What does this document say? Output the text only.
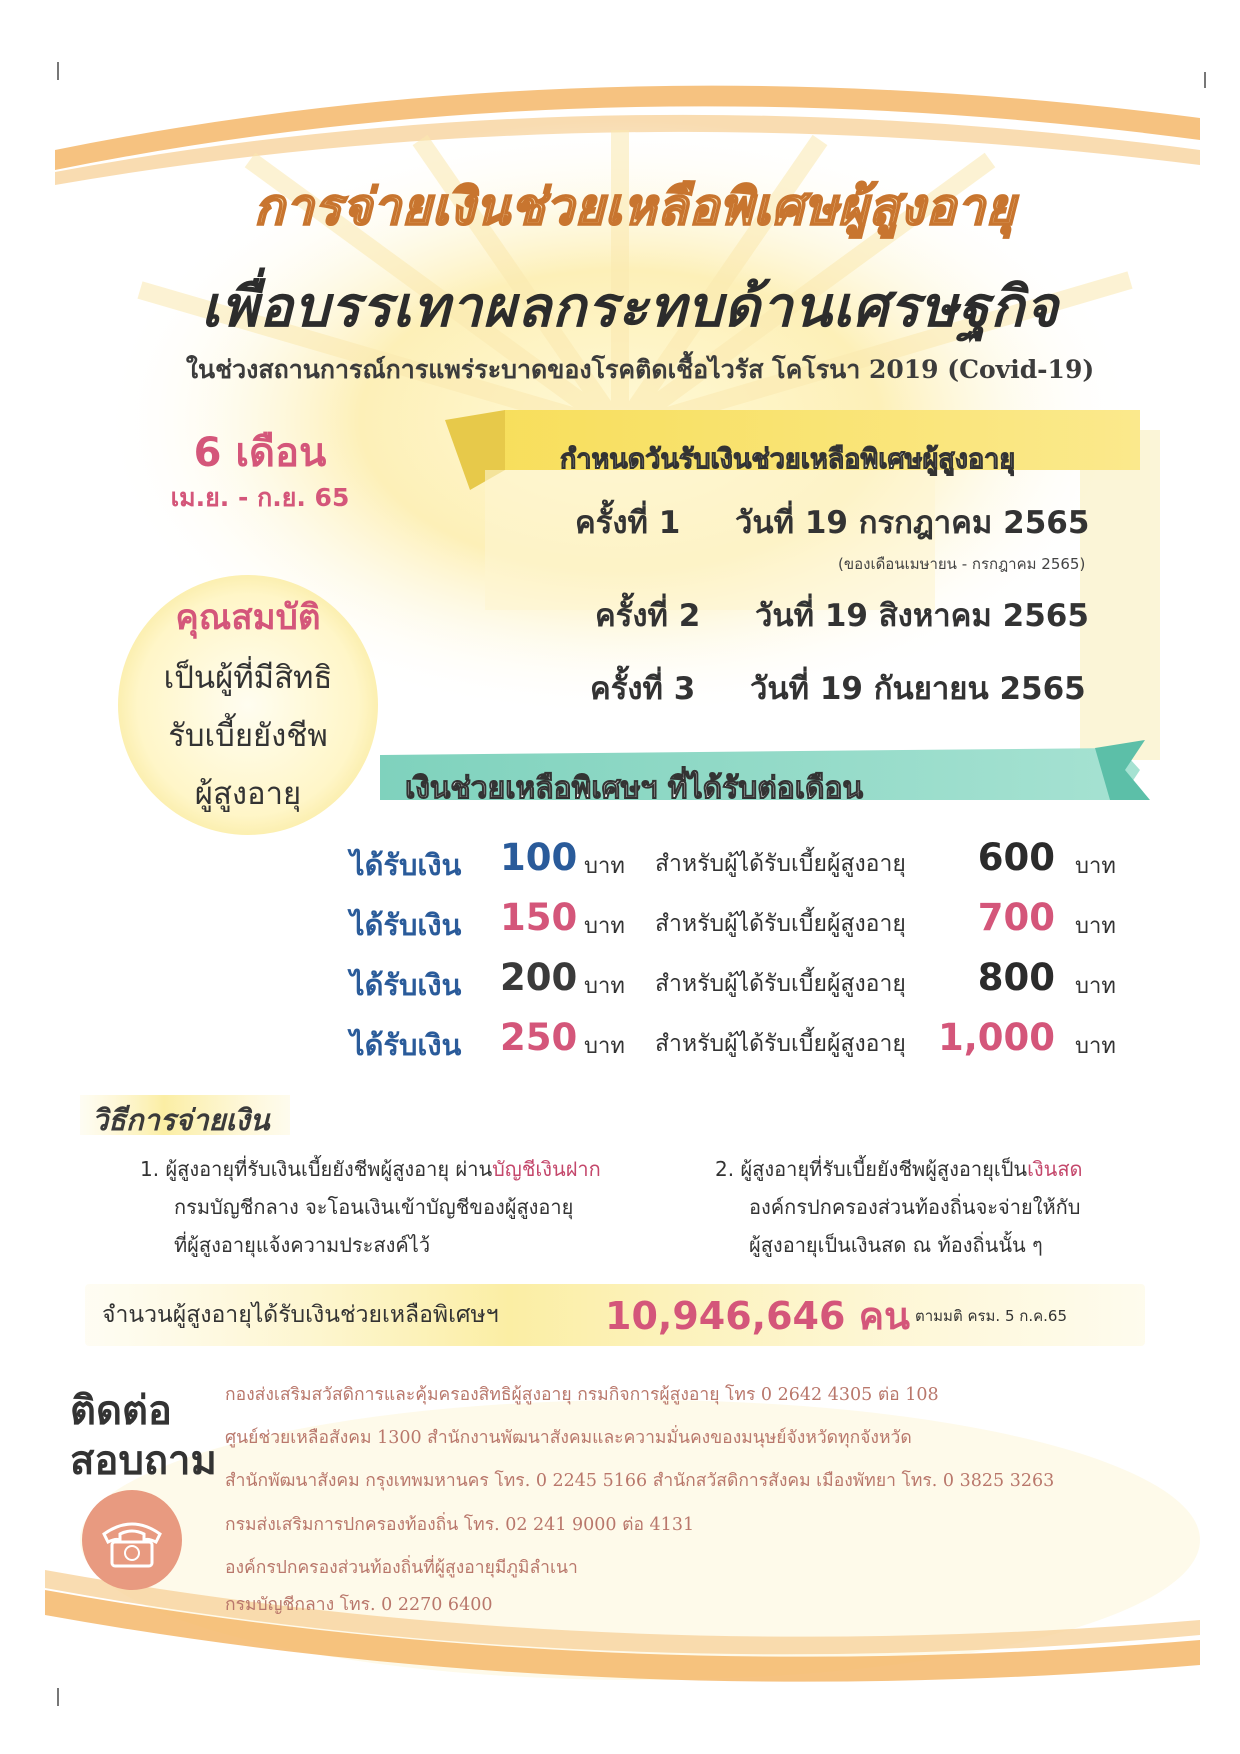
การจ่ายเงินช่วยเหลือพิเศษผู้สูงอายุ
เพื่อบรรเทาผลกระทบด้านเศรษฐกิจ
ในช่วงสถานการณ์การแพร่ระบาดของโรคติดเชื้อไวรัส โคโรนา 2019 (Covid-19)
6 เดือน
เม.ย. - ก.ย. 65
กำหนดวันรับเงินช่วยเหลือพิเศษผู้สูงอายุ
ครั้งที่ 1 วันที่ 19 กรกฎาคม 2565
(ของเดือนเมษายน - กรกฎาคม 2565)
ครั้งที่ 2 วันที่ 19 สิงหาคม 2565
ครั้งที่ 3 วันที่ 19 กันยายน 2565
คุณสมบัติ
เป็นผู้ที่มีสิทธิ
รับเบี้ยยังชีพ
ผู้สูงอายุ	เงินช่วยเหลือพิเศษฯ ที่ได้รับต่อเดือน
ได้รับเงิน 100 บาท สำหรับผู้ได้รับเบี้ยผู้สูงอายุ	600 บาท
ได้รับเงิน 150 บาท สำหรับผู้ได้รับเบี้ยผู้สูงอายุ	700 บาท
ได้รับเงิน 200 บาท สำหรับผู้ได้รับเบี้ยผู้สูงอายุ	800 บาท
ได้รับเงิน 250 บาท สำหรับผู้ได้รับเบี้ยผู้สูงอายุ 1,000 บาท
วิธีการจ่ายเงิน
1. ผู้สูงอายุที่รับเงินเบี้ยยังชีพผู้สูงอายุ ผ่านบัญชีเงินฝาก
กรมบัญชีกลาง จะโอนเงินเข้าบัญชีของผู้สูงอายุ
ที่ผู้สูงอายุแจ้งความประสงค์ไว้
2. ผู้สูงอายุที่รับเบี้ยยังชีพผู้สูงอายุเป็นเงินสด
องค์กรปกครองส่วนท้องถิ่นจะจ่ายให้กับ
ผู้สูงอายุเป็นเงินสด ณ ท้องถิ่นนั้น ๆ
จำนวนผู้สูงอายุได้รับเงินช่วยเหลือพิเศษฯ	10,946,646 คน ตามมติ ครม. 5 ก.ค.65
ติดต่อ
สอบถาม
กองส่งเสริมสวัสดิการและคุ้มครองสิทธิผู้สูงอายุ กรมกิจการผู้สูงอายุ โทร 0 2642 4305 ต่อ 108
ศูนย์ช่วยเหลือสังคม 1300 สำนักงานพัฒนาสังคมและความมั่นคงของมนุษย์จังหวัดทุกจังหวัด
สำนักพัฒนาสังคม กรุงเทพมหานคร โทร. 0 2245 5166 สำนักสวัสดิการสังคม เมืองพัทยา โทร. 0 3825 3263
กรมส่งเสริมการปกครองท้องถิ่น โทร. 02 241 9000 ต่อ 4131
องค์กรปกครองส่วนท้องถิ่นที่ผู้สูงอายุมีภูมิลำเนา
กรมบัญชีกลาง โทร. 0 2270 6400
